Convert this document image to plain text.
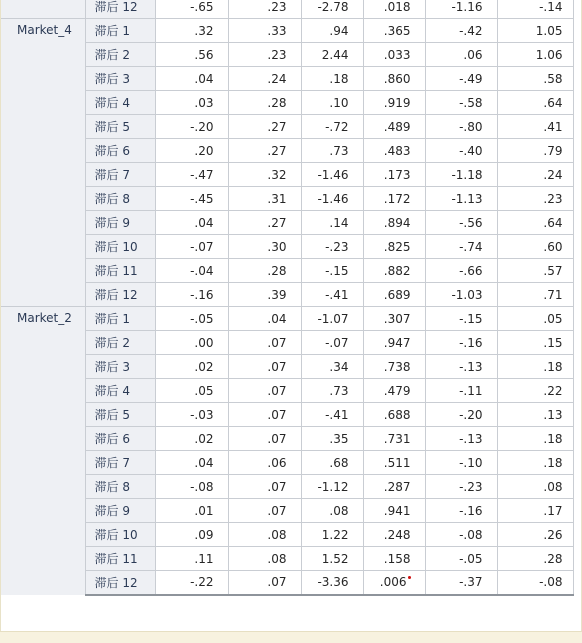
	滞后 12	-.65	.23	-2.78	.018	-1.16	-.14
Market_4	滞后 1	.32	.33	.94	.365	-.42	1.05
	滞后 2	.56	.23	2.44	.033	.06	1.06
	滞后 3	.04	.24	.18	.860	-.49	.58
	滞后 4	.03	.28	.10	.919	-.58	.64
	滞后 5	-.20	.27	-.72	.489	-.80	.41
	滞后 6	.20	.27	.73	.483	-.40	.79
	滞后 7	-.47	.32	-1.46	.173	-1.18	.24
	滞后 8	-.45	.31	-1.46	.172	-1.13	.23
	滞后 9	.04	.27	.14	.894	-.56	.64
	滞后 10	-.07	.30	-.23	.825	-.74	.60
	滞后 11	-.04	.28	-.15	.882	-.66	.57
	滞后 12	-.16	.39	-.41	.689	-1.03	.71
Market_2	滞后 1	-.05	.04	-1.07	.307	-.15	.05
	滞后 2	.00	.07	-.07	.947	-.16	.15
	滞后 3	.02	.07	.34	.738	-.13	.18
	滞后 4	.05	.07	.73	.479	-.11	.22
	滞后 5	-.03	.07	-.41	.688	-.20	.13
	滞后 6	.02	.07	.35	.731	-.13	.18
	滞后 7	.04	.06	.68	.511	-.10	.18
	滞后 8	-.08	.07	-1.12	.287	-.23	.08
	滞后 9	.01	.07	.08	.941	-.16	.17
	滞后 10	.09	.08	1.22	.248	-.08	.26
	滞后 11	.11	.08	1.52	.158	-.05	.28
	滞后 12	-.22	.07	-3.36	.006	-.37	-.08
